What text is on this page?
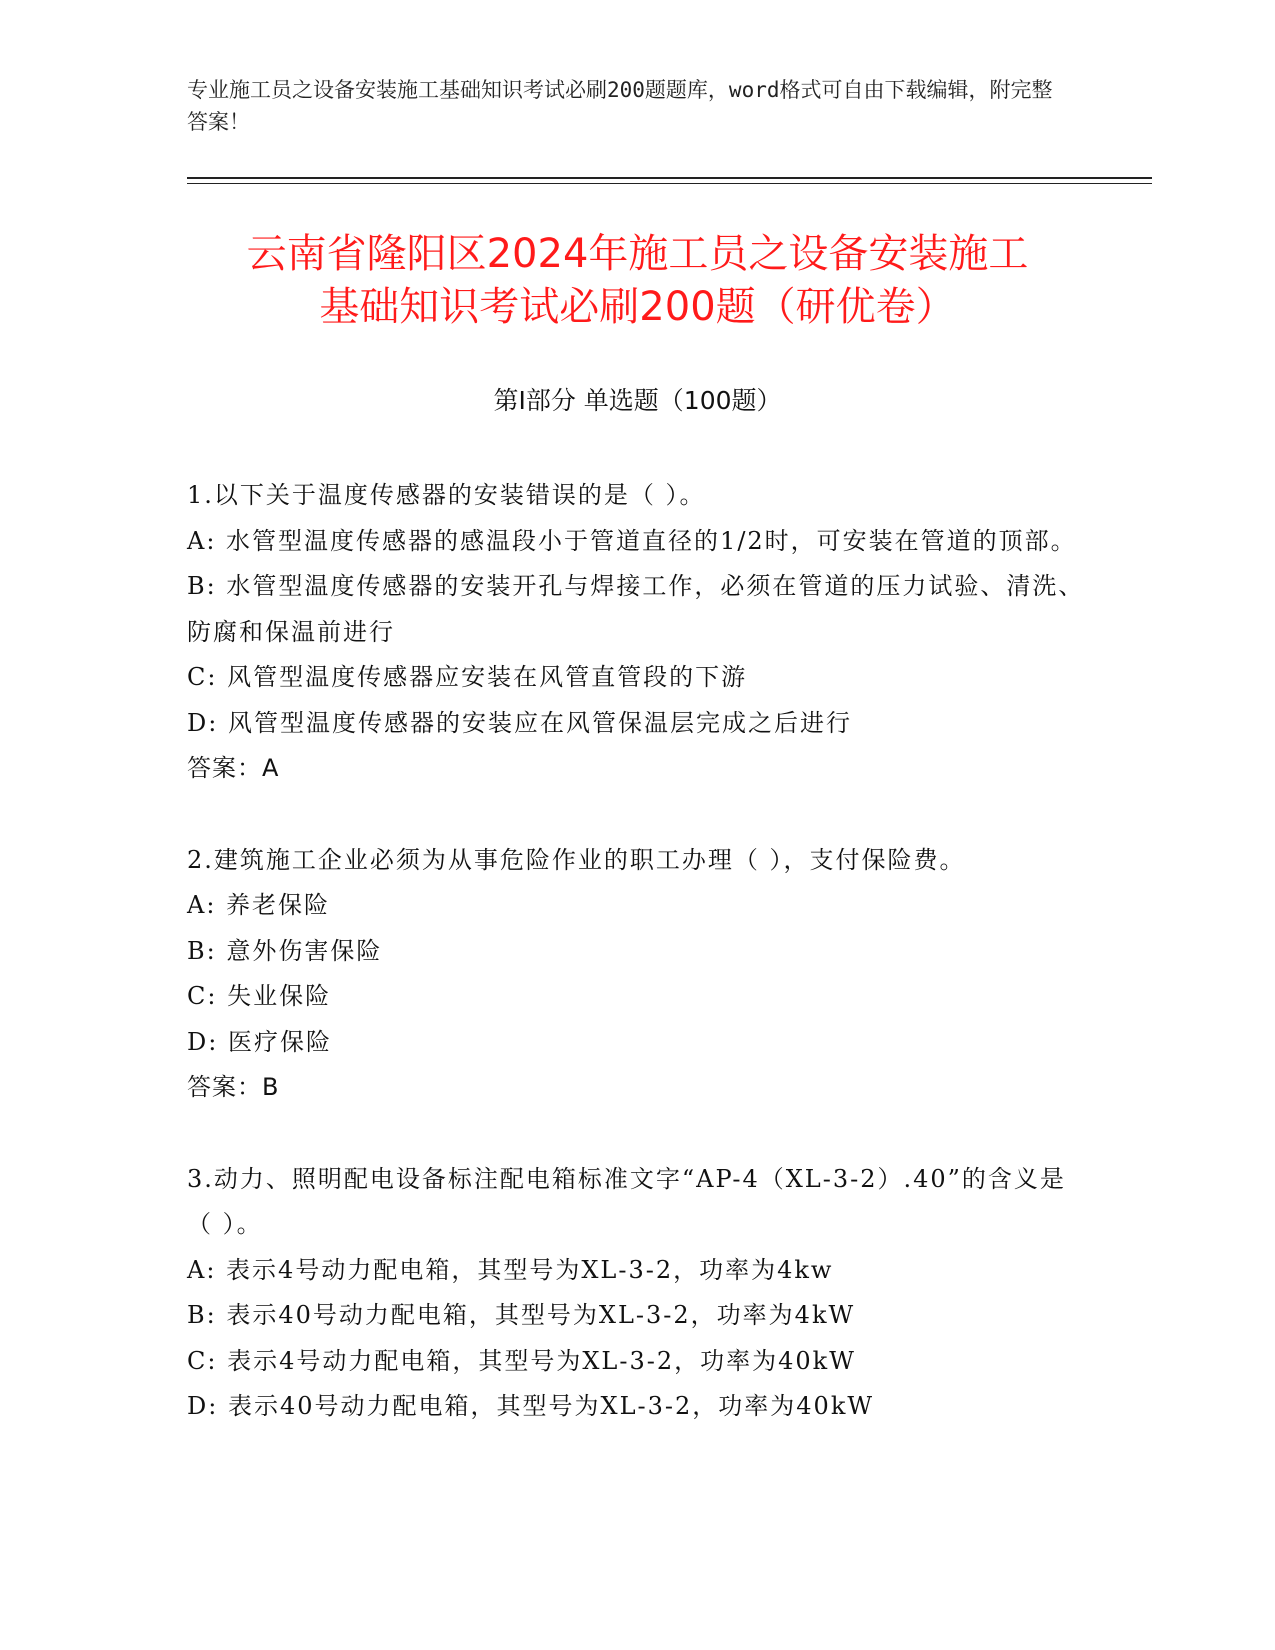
专业施工员之设备安装施工基础知识考试必刷200题题库，word格式可自由下载编辑，附完整答案！
云南省隆阳区2024年施工员之设备安装施工
基础知识考试必刷200题（研优卷）
第Ⅰ部分 单选题（100题）
1.以下关于温度传感器的安装错误的是（ ）。
A: 水管型温度传感器的感温段小于管道直径的1/2时，可安装在管道的顶部。
B: 水管型温度传感器的安装开孔与焊接工作，必须在管道的压力试验、清洗、防腐和保温前进行
C: 风管型温度传感器应安装在风管直管段的下游
D: 风管型温度传感器的安装应在风管保温层完成之后进行
答案：A
2.建筑施工企业必须为从事危险作业的职工办理（ ），支付保险费。
A: 养老保险
B: 意外伤害保险
C: 失业保险
D: 医疗保险
答案：B
3.动力、照明配电设备标注配电箱标准文字“AP-4（XL-3-2）.40”的含义是（ ）。
A: 表示4号动力配电箱，其型号为XL-3-2，功率为4kw
B: 表示40号动力配电箱，其型号为XL-3-2，功率为4kW
C: 表示4号动力配电箱，其型号为XL-3-2，功率为40kW
D: 表示40号动力配电箱，其型号为XL-3-2，功率为40kW
